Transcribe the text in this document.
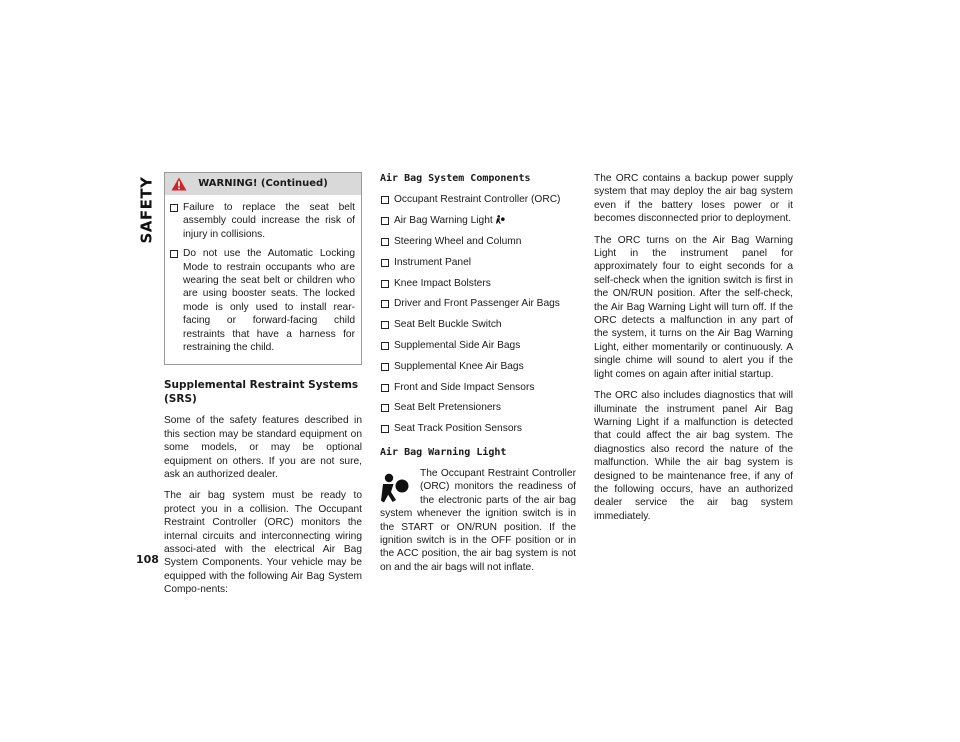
SAFETY
108
WARNING! (Continued)
Failure to replace the seat belt assembly could increase the risk of injury in collisions.
Do not use the Automatic Locking Mode to restrain occupants who are wearing the seat belt or children who are using booster seats. The locked mode is only used to install rear-facing or forward-facing child restraints that have a harness for restraining the child.
Supplemental Restraint Systems (SRS)

Some of the safety features described in this section may be standard equipment on some models, or may be optional equipment on others. If you are not sure, ask an authorized dealer.

The air bag system must be ready to protect you in a collision. The Occupant Restraint Controller (ORC) monitors the internal circuits and interconnecting wiring associ-ated with the electrical Air Bag System Components. Your vehicle may be equipped with the following Air Bag System Compo-nents:

Air Bag System Components
Occupant Restraint Controller (ORC)
Air Bag Warning Light
Steering Wheel and Column
Instrument Panel
Knee Impact Bolsters
Driver and Front Passenger Air Bags
Seat Belt Buckle Switch
Supplemental Side Air Bags
Supplemental Knee Air Bags
Front and Side Impact Sensors
Seat Belt Pretensioners
Seat Track Position Sensors
Air Bag Warning Light
The Occupant Restraint Controller (ORC) monitors the readiness of the electronic parts of the air bag system whenever the ignition switch is in the START or ON/RUN position. If the ignition switch is in the OFF position or in the ACC position, the air bag system is not on and the air bags will not inflate.

The ORC contains a backup power supply system that may deploy the air bag system even if the battery loses power or it becomes disconnected prior to deployment.

The ORC turns on the Air Bag Warning Light in the instrument panel for approximately four to eight seconds for a self-check when the ignition switch is first in the ON/RUN position. After the self-check, the Air Bag Warning Light will turn off. If the ORC detects a malfunction in any part of the system, it turns on the Air Bag Warning Light, either momentarily or continuously. A single chime will sound to alert you if the light comes on again after initial startup.

The ORC also includes diagnostics that will illuminate the instrument panel Air Bag Warning Light if a malfunction is detected that could affect the air bag system. The diagnostics also record the nature of the malfunction. While the air bag system is designed to be maintenance free, if any of the following occurs, have an authorized dealer service the air bag system immediately.
